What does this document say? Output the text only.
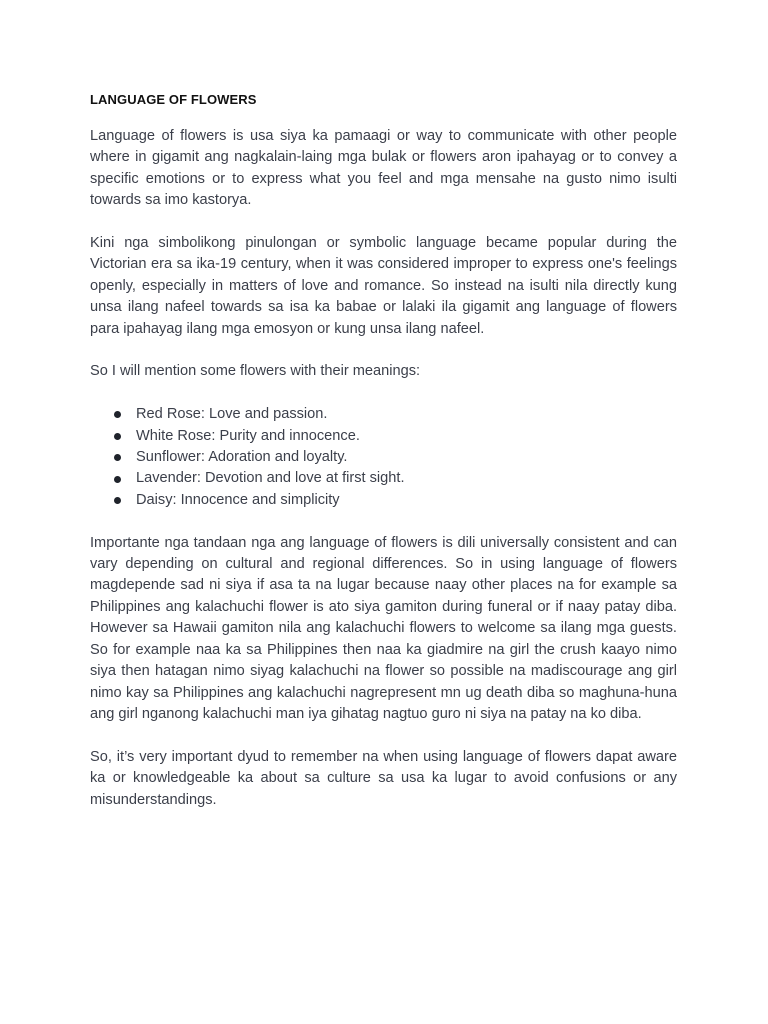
LANGUAGE OF FLOWERS

Language of flowers is usa siya ka pamaagi or way to communicate with other people where in gigamit ang nagkalain-laing mga bulak or flowers aron ipahayag or to convey a specific emotions or to express what you feel and mga mensahe na gusto nimo isulti towards sa imo kastorya.

Kini nga simbolikong pinulongan or symbolic language became popular during the Victorian era sa ika-19 century, when it was considered improper to express one's feelings openly, especially in matters of love and romance. So instead na isulti nila directly kung unsa ilang nafeel towards sa isa ka babae or lalaki ila gigamit ang language of flowers para ipahayag ilang mga emosyon or kung unsa ilang nafeel.

So I will mention some flowers with their meanings:

Red Rose: Love and passion.
White Rose: Purity and innocence.
Sunflower: Adoration and loyalty.
Lavender: Devotion and love at first sight.
Daisy: Innocence and simplicity

Importante nga tandaan nga ang language of flowers is dili universally consistent and can vary depending on cultural and regional differences. So in using language of flowers magdepende sad ni siya if asa ta na lugar because naay other places na for example sa Philippines ang kalachuchi flower is ato siya gamiton during funeral or if naay patay diba. However sa Hawaii gamiton nila ang kalachuchi flowers to welcome sa ilang mga guests. So for example naa ka sa Philippines then naa ka giadmire na girl the crush kaayo nimo siya then hatagan nimo siyag kalachuchi na flower so possible na madiscourage ang girl nimo kay sa Philippines ang kalachuchi nagrepresent mn ug death diba so maghuna-huna ang girl nganong kalachuchi man iya gihatag nagtuo guro ni siya na patay na ko diba.

So, it’s very important dyud to remember na when using language of flowers dapat aware ka or knowledgeable ka about sa culture sa usa ka lugar to avoid confusions or any misunderstandings.
